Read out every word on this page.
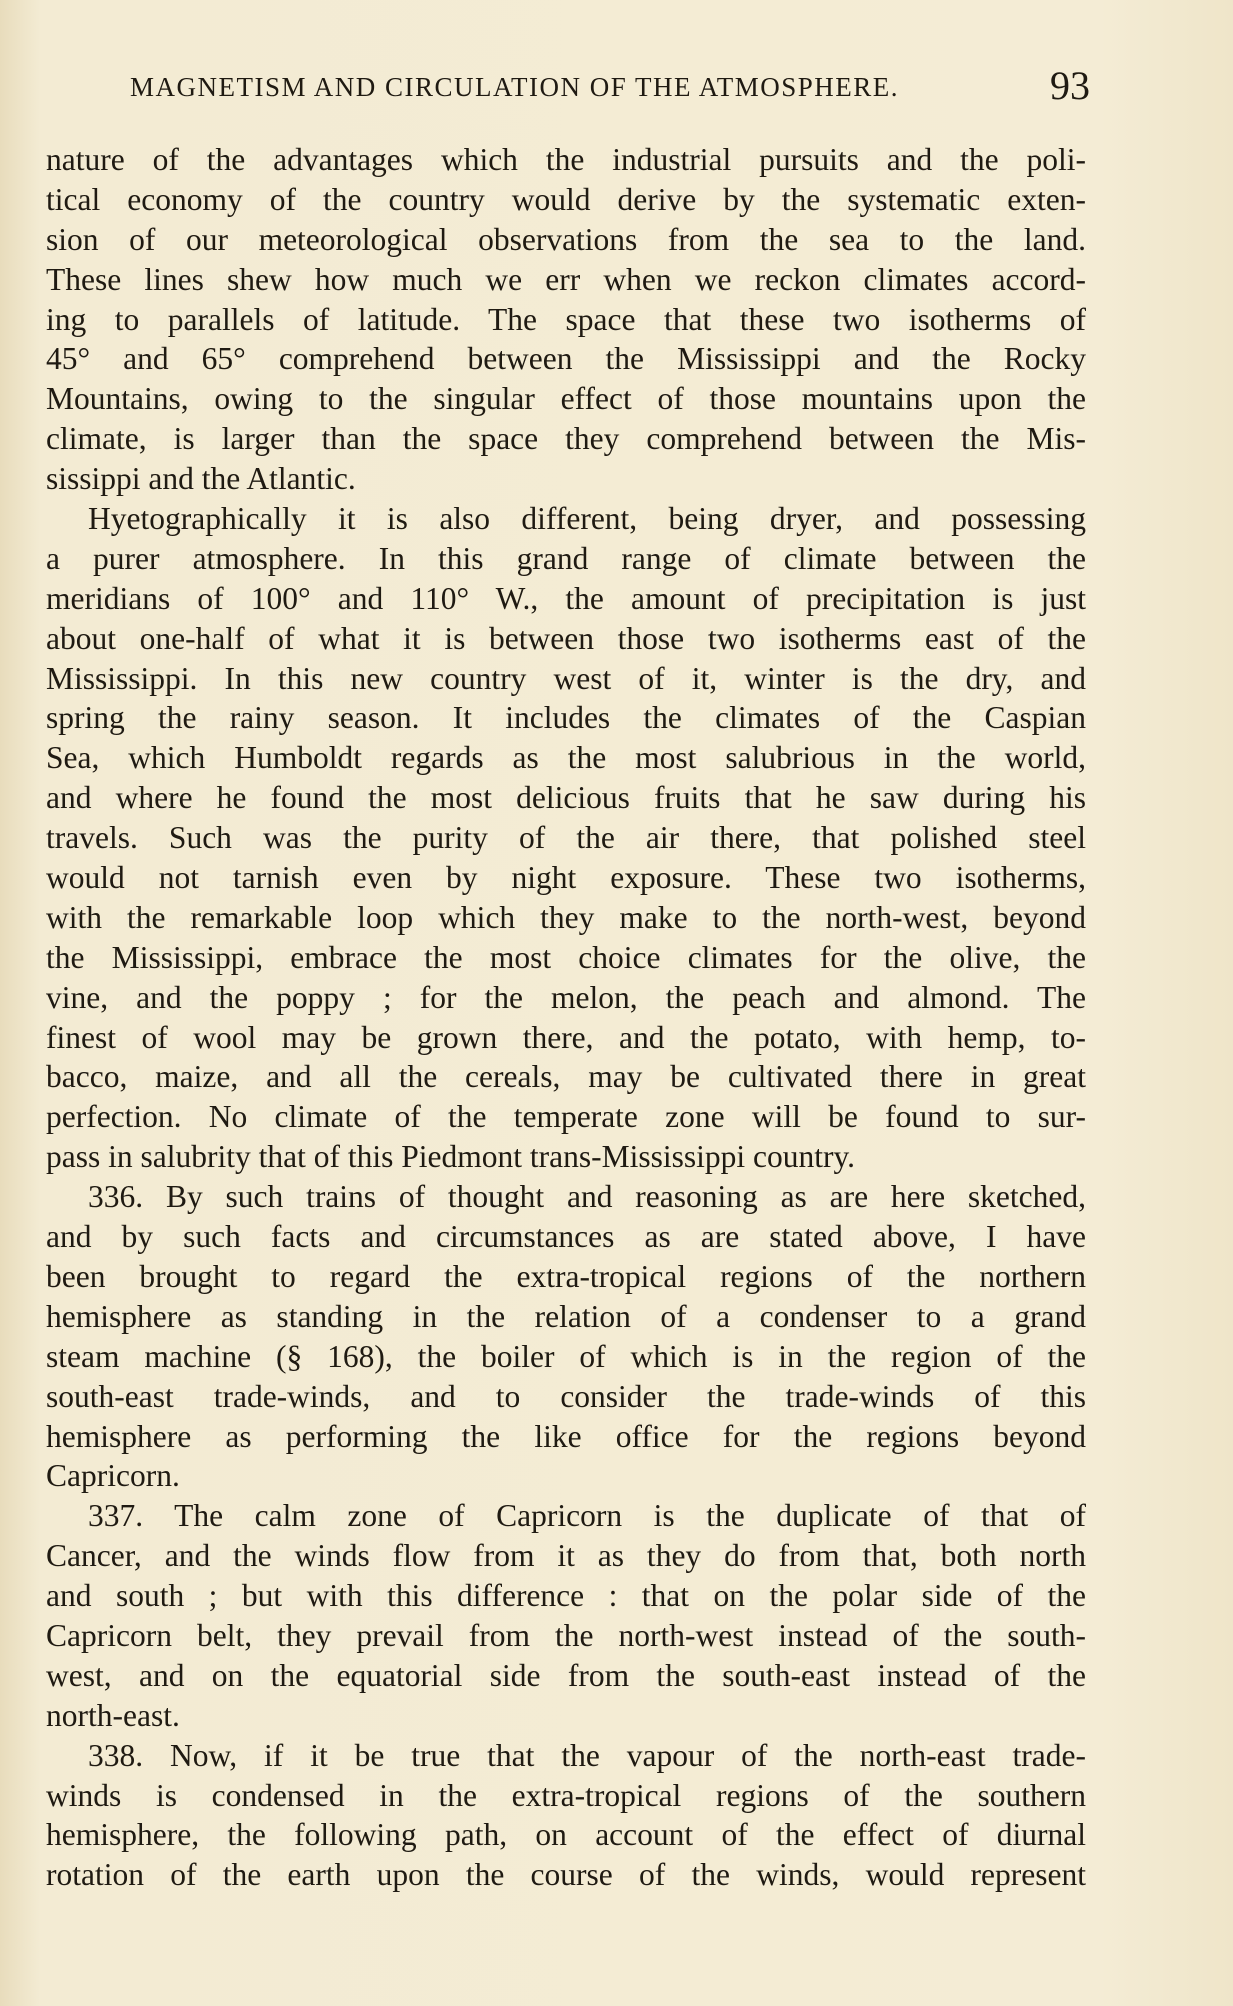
MAGNETISM AND CIRCULATION OF THE ATMOSPHERE.	93
nature of the advantages which the industrial pursuits and the poli-
tical economy of the country would derive by the systematic exten-
sion of our meteorological observations from the sea to the land.
These lines shew how much we err when we reckon climates accord-
ing to parallels of latitude. The space that these two isotherms of
45° and 65° comprehend between the Mississippi and the Rocky
Mountains, owing to the singular effect of those mountains upon the
climate, is larger than the space they comprehend between the Mis-
sissippi and the Atlantic.
Hyetographically it is also different, being dryer, and possessing
a purer atmosphere. In this grand range of climate between the
meridians of 100° and 110° W., the amount of precipitation is just
about one-half of what it is between those two isotherms east of the
Mississippi. In this new country west of it, winter is the dry, and
spring the rainy season. It includes the climates of the Caspian
Sea, which Humboldt regards as the most salubrious in the world,
and where he found the most delicious fruits that he saw during his
travels. Such was the purity of the air there, that polished steel
would not tarnish even by night exposure. These two isotherms,
with the remarkable loop which they make to the north-west, beyond
the Mississippi, embrace the most choice climates for the olive, the
vine, and the poppy ; for the melon, the peach and almond. The
finest of wool may be grown there, and the potato, with hemp, to-
bacco, maize, and all the cereals, may be cultivated there in great
perfection. No climate of the temperate zone will be found to sur-
pass in salubrity that of this Piedmont trans-Mississippi country.
336. By such trains of thought and reasoning as are here sketched,
and by such facts and circumstances as are stated above, I have
been brought to regard the extra-tropical regions of the northern
hemisphere as standing in the relation of a condenser to a grand
steam machine (§ 168), the boiler of which is in the region of the
south-east trade-winds, and to consider the trade-winds of this
hemisphere as performing the like office for the regions beyond
Capricorn.
337. The calm zone of Capricorn is the duplicate of that of
Cancer, and the winds flow from it as they do from that, both north
and south ; but with this difference : that on the polar side of the
Capricorn belt, they prevail from the north-west instead of the south-
west, and on the equatorial side from the south-east instead of the
north-east.
338. Now, if it be true that the vapour of the north-east trade-
winds is condensed in the extra-tropical regions of the southern
hemisphere, the following path, on account of the effect of diurnal
rotation of the earth upon the course of the winds, would represent
